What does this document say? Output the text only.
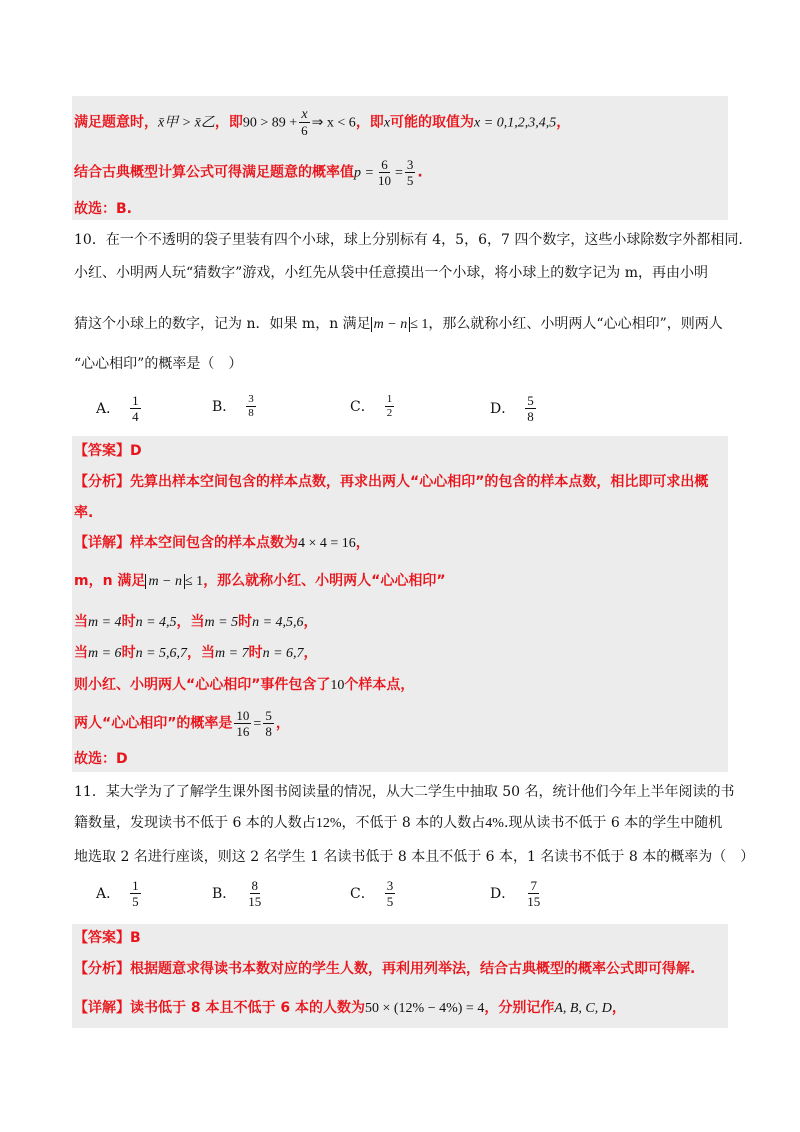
满足题意时，x̄甲 > x̄乙，即$90 > 89 + \frac{x}{6}$ ⇒ x < 6，即x可能的取值为x = 0,1,2,3,4,5，
结合古典概型计算公式可得满足题意的概率值$p = \frac{6}{10} = \frac{3}{5}$ .
故选：B.
10．在一个不透明的袋子里装有四个小球，球上分别标有 4，5，6，7 四个数字，这些小球除数字外都相同.
小红、小明两人玩“猜数字”游戏，小红先从袋中任意摸出一个小球，将小球上的数字记为 m，再由小明
猜这个小球上的数字，记为 n．如果 m，n 满足 m − n ≤ 1，那么就称小红、小明两人“心心相印”，则两人
“心心相印”的概率是（　）
A． $\frac{1}{4}$	B． $\frac{3}{8}$	C． $\frac{1}{2}$	D． $\frac{5}{8}$
【答案】D
【分析】先算出样本空间包含的样本点数，再求出两人“心心相印”的包含的样本点数，相比即可求出概
率.
【详解】样本空间包含的样本点数为4 × 4 = 16，
m，n 满足 m − n ≤ 1，那么就称小红、小明两人“心心相印”
当m = 4时n = 4,5，当m = 5时n = 4,5,6，
当m = 6时n = 5,6,7，当m = 7时n = 6,7，
则小红、小明两人“心心相印”事件包含了10个样本点，
两人“心心相印”的概率是 $\frac{10}{16} = \frac{5}{8}$ ，
故选：D
11．某大学为了了解学生课外图书阅读量的情况，从大二学生中抽取 50 名，统计他们今年上半年阅读的书
籍数量，发现读书不低于 6 本的人数占12%，不低于 8 本的人数占4%.现从读书不低于 6 本的学生中随机
地选取 2 名进行座谈，则这 2 名学生 1 名读书低于 8 本且不低于 6 本，1 名读书不低于 8 本的概率为（　）
A． $\frac{1}{5}$	B． $\frac{8}{15}$	C． $\frac{3}{5}$	D． $\frac{7}{15}$
【答案】B
【分析】根据题意求得读书本数对应的学生人数，再利用列举法，结合古典概型的概率公式即可得解.
【详解】读书低于 8 本且不低于 6 本的人数为50 × (12% − 4%) = 4，分别记作A, B, C, D，
